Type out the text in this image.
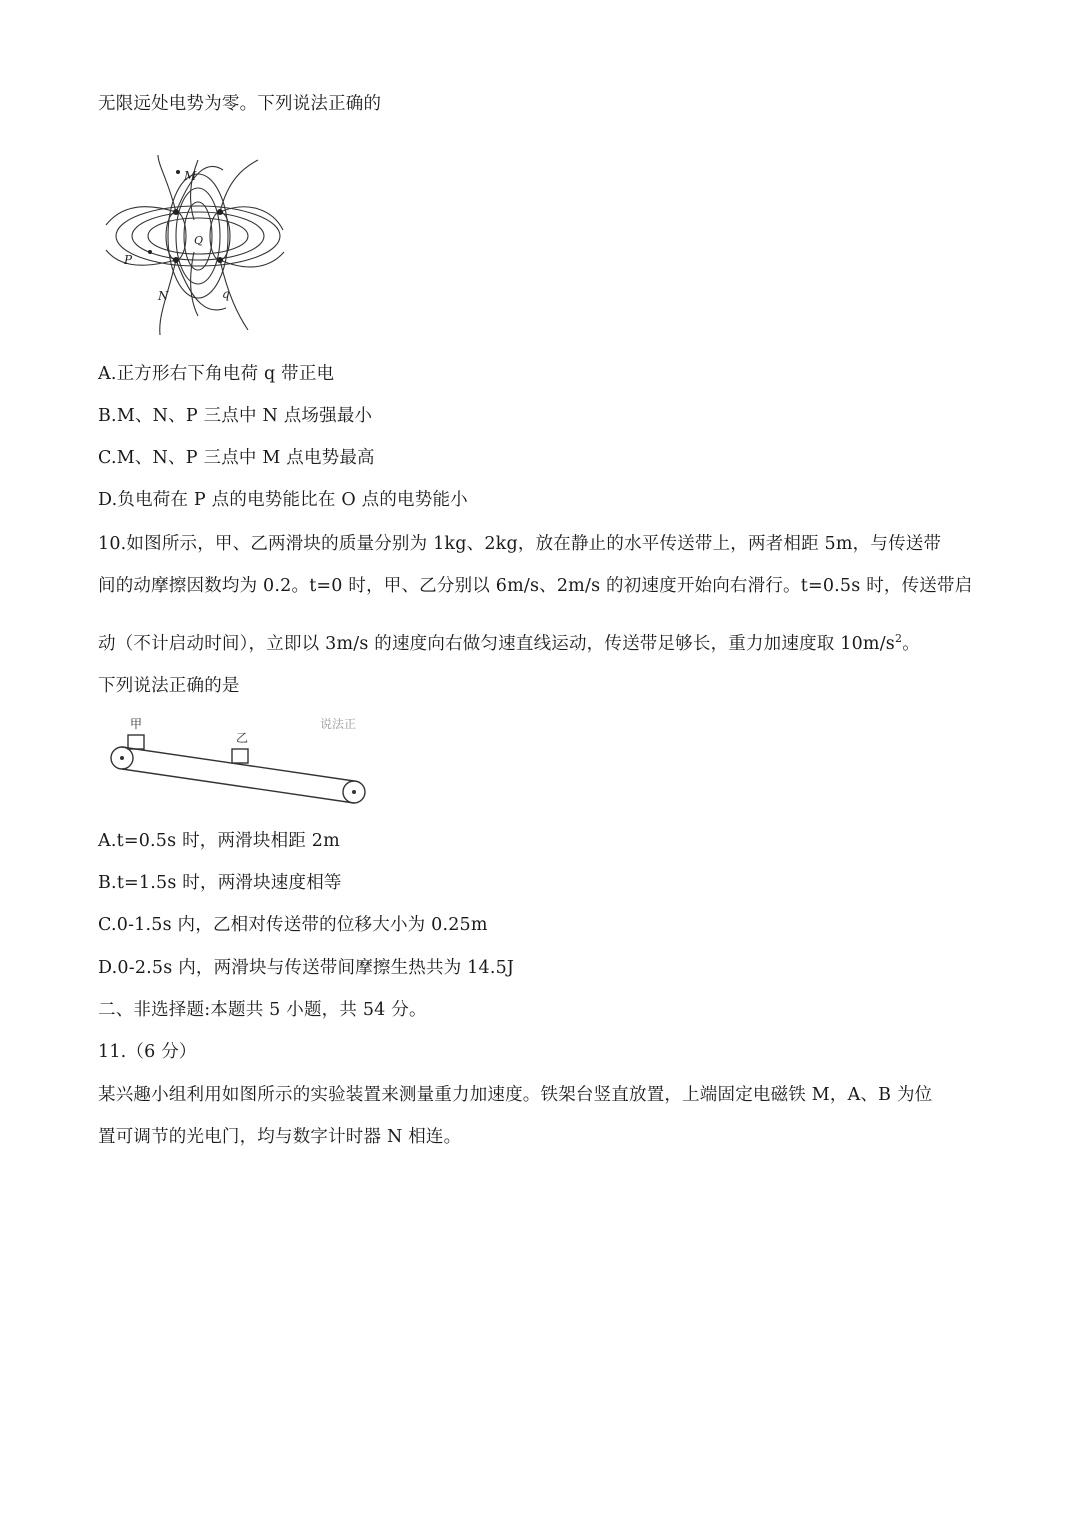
无限远处电势为零。下列说法正确的
M
Q
P
N	q
A.正方形右下角电荷 q 带正电
B.M、N、P 三点中 N 点场强最小
C.M、N、P 三点中 M 点电势最高
D.负电荷在 P 点的电势能比在 O 点的电势能小
10.如图所示，甲、乙两滑块的质量分别为 1kg、2kg，放在静止的水平传送带上，两者相距 5m，与传送带
间的动摩擦因数均为 0.2。t=0 时，甲、乙分别以 6m/s、2m/s 的初速度开始向右滑行。t=0.5s 时，传送带启
动（不计启动时间），立即以 3m/s 的速度向右做匀速直线运动，传送带足够长，重力加速度取 $10m/s^2$。
下列说法正确的是
甲
乙
说法正
A.t=0.5s 时，两滑块相距 2m
B.t=1.5s 时，两滑块速度相等
C.0-1.5s 内，乙相对传送带的位移大小为 0.25m
D.0-2.5s 内，两滑块与传送带间摩擦生热共为 14.5J
二、非选择题:本题共 5 小题，共 54 分。
11.（6 分）
某兴趣小组利用如图所示的实验装置来测量重力加速度。铁架台竖直放置，上端固定电磁铁 M，A、B 为位
置可调节的光电门，均与数字计时器 N 相连。
